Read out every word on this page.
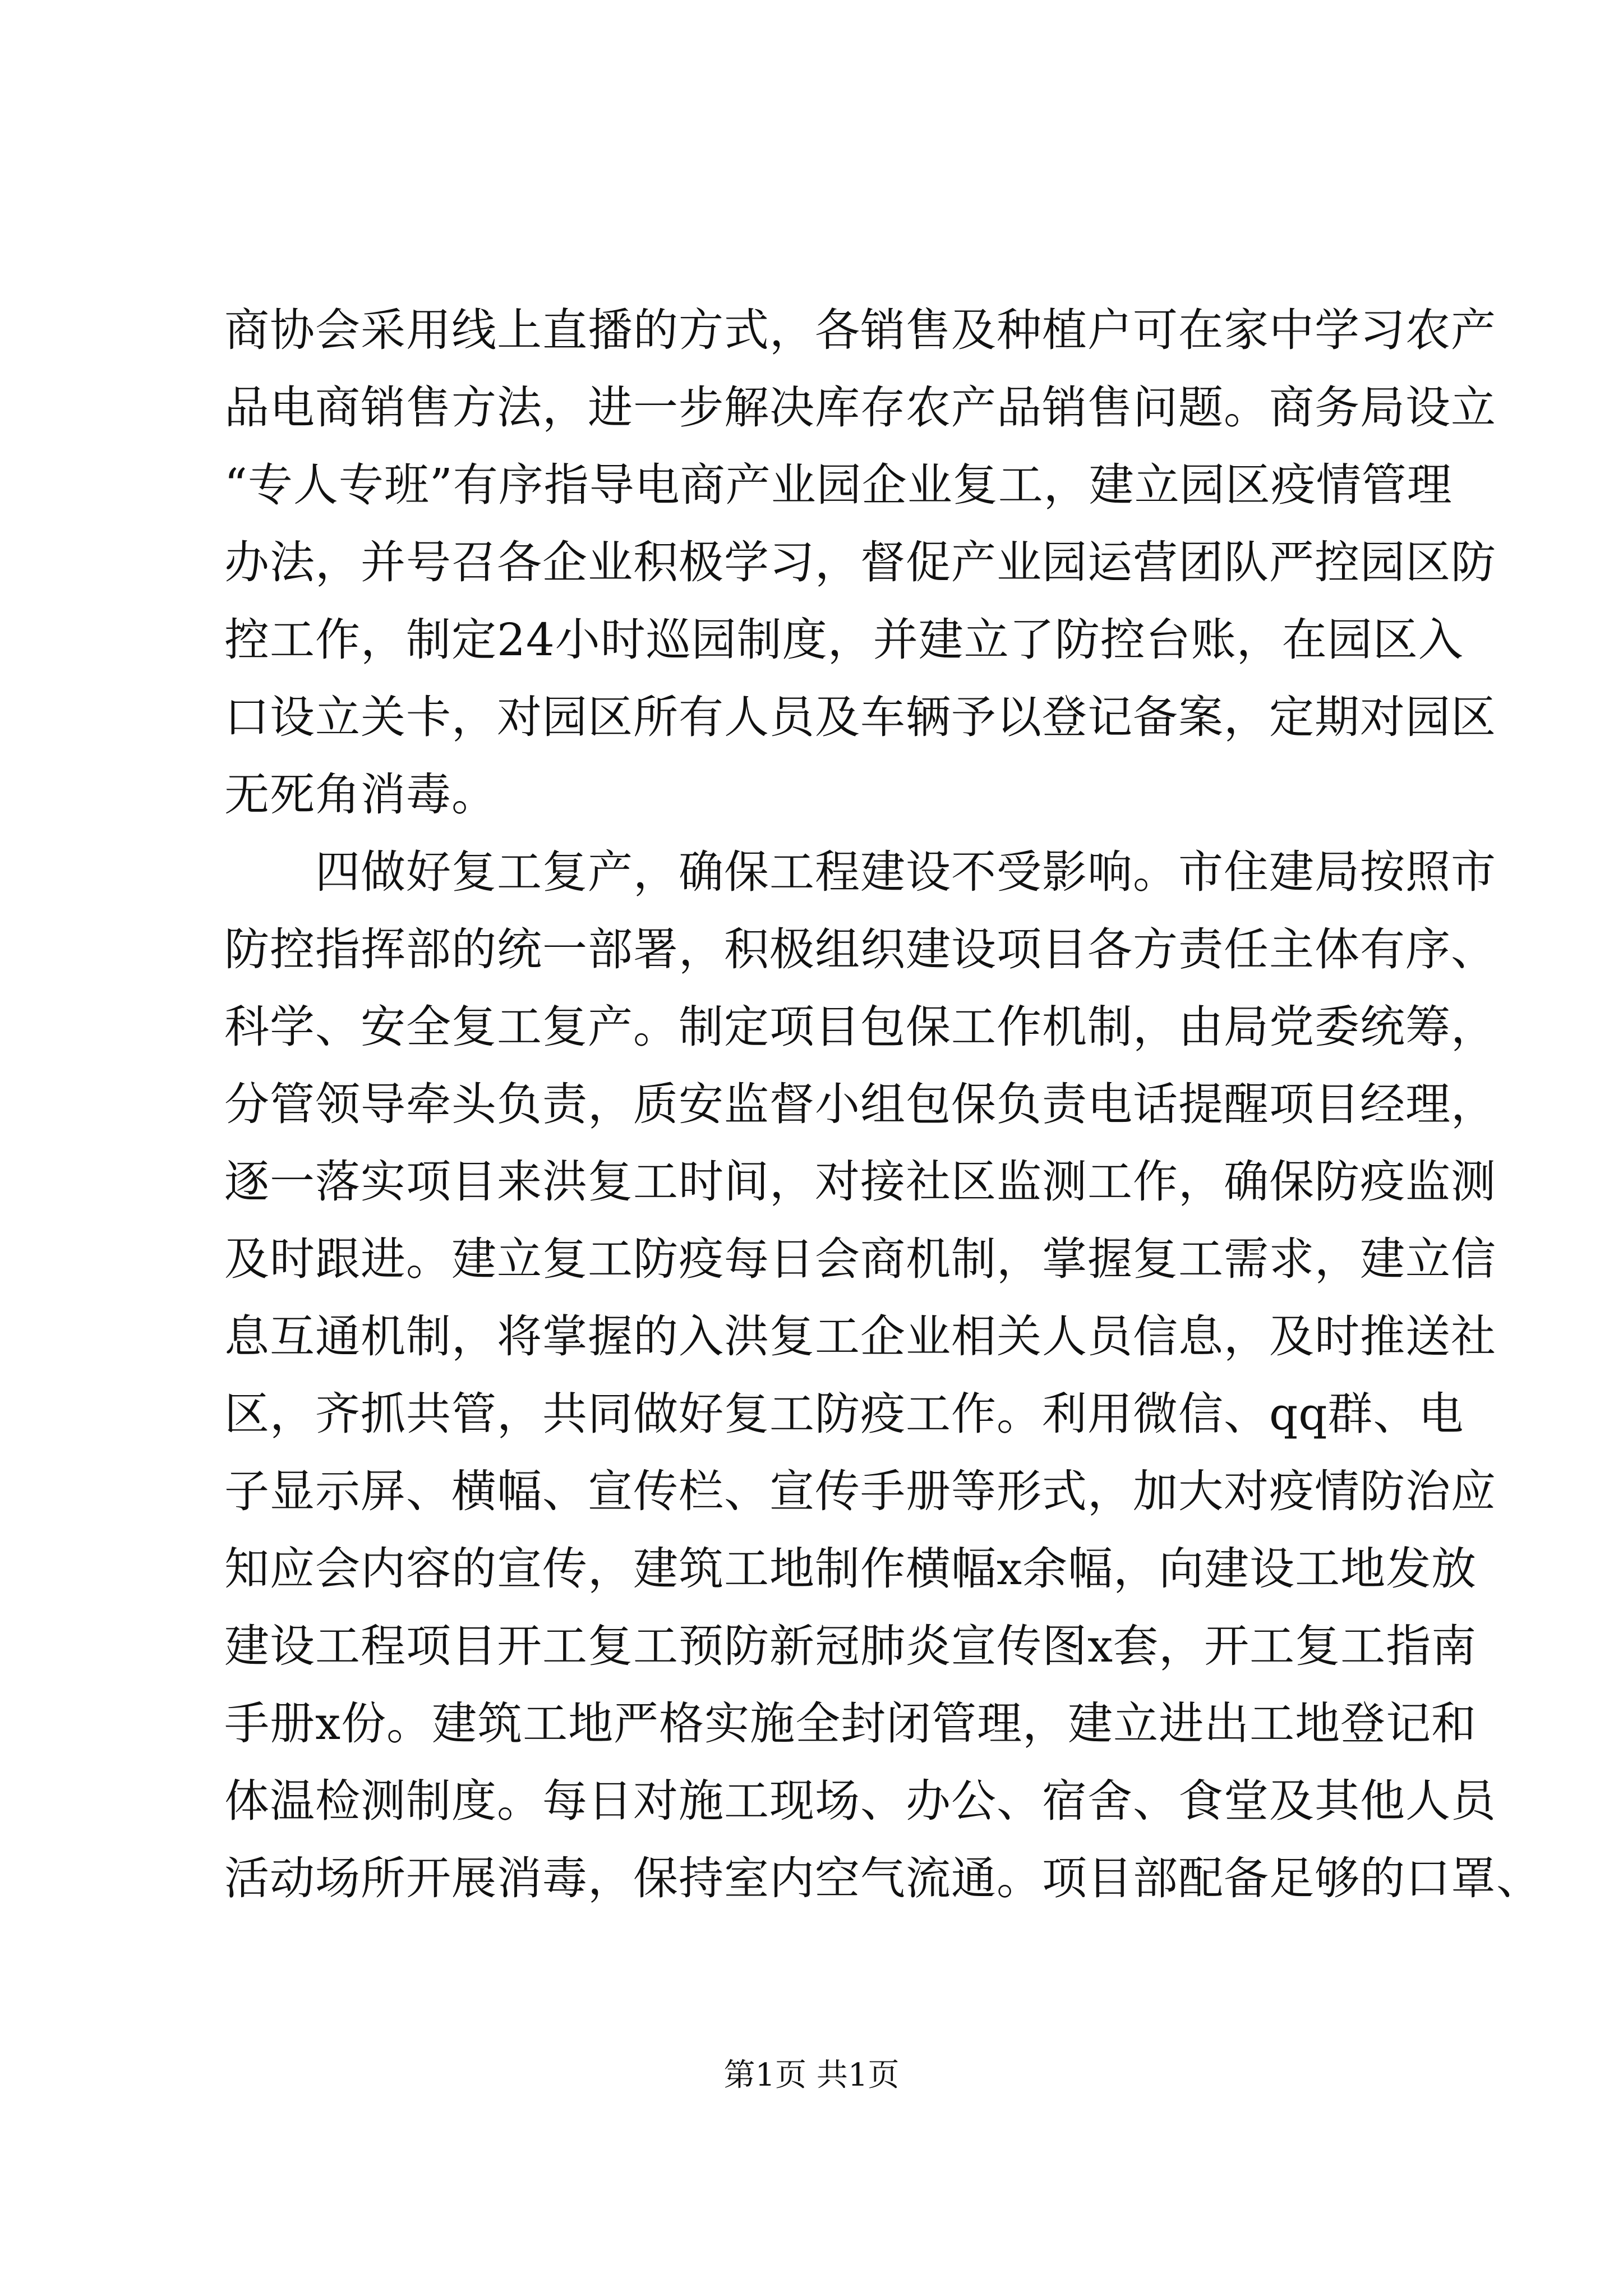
商协会采用线上直播的方式，各销售及种植户可在家中学习农产
品电商销售方法，进一步解决库存农产品销售问题。商务局设立
“专人专班”有序指导电商产业园企业复工，建立园区疫情管理
办法，并号召各企业积极学习，督促产业园运营团队严控园区防
控工作，制定24小时巡园制度，并建立了防控台账，在园区入
口设立关卡，对园区所有人员及车辆予以登记备案，定期对园区
无死角消毒。
　　四做好复工复产，确保工程建设不受影响。市住建局按照市
防控指挥部的统一部署，积极组织建设项目各方责任主体有序、
科学、安全复工复产。制定项目包保工作机制，由局党委统筹，
分管领导牵头负责，质安监督小组包保负责电话提醒项目经理，
逐一落实项目来洪复工时间，对接社区监测工作，确保防疫监测
及时跟进。建立复工防疫每日会商机制，掌握复工需求，建立信
息互通机制，将掌握的入洪复工企业相关人员信息，及时推送社
区，齐抓共管，共同做好复工防疫工作。利用微信、qq群、电
子显示屏、横幅、宣传栏、宣传手册等形式，加大对疫情防治应
知应会内容的宣传，建筑工地制作横幅x余幅，向建设工地发放
建设工程项目开工复工预防新冠肺炎宣传图x套，开工复工指南
手册x份。建筑工地严格实施全封闭管理，建立进出工地登记和
体温检测制度。每日对施工现场、办公、宿舍、食堂及其他人员
活动场所开展消毒，保持室内空气流通。项目部配备足够的口罩、
第1页 共1页
